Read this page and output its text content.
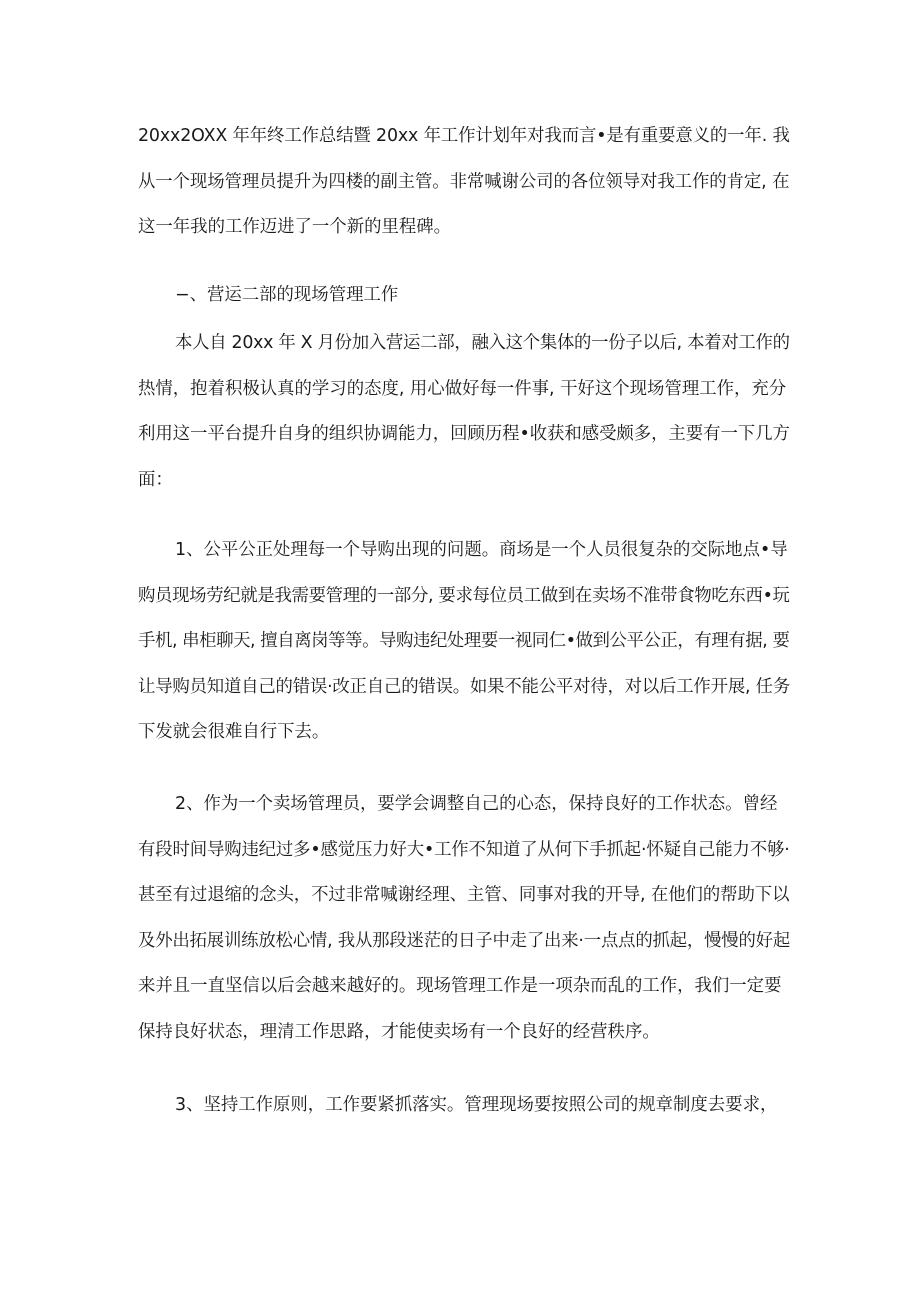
20xx2OXX 年年终工作总结暨 20xx 年工作计划年对我而言•是有重要意义的一年. 我
从一个现场管理员提升为四楼的副主管。非常喊谢公司的各位领导对我工作的肯定, 在
这一年我的工作迈进了一个新的里程碑。
−、营运二部的现场管理工作
本人自 20xx 年 X 月份加入营运二部，融入这个集体的一份子以后, 本着对工作的
热情，抱着积极认真的学习的态度, 用心做好每一件事, 干好这个现场管理工作，充分
利用这一平台提升自身的组织协调能力，回顾历程•收获和感受颇多，主要有一下几方
面：
1、公平公正处理每一个导购出现的问题。商场是一个人员很复杂的交际地点•导
购员现场劳纪就是我需要管理的一部分, 要求每位员工做到在卖场不准带食物吃东西•玩
手机, 串柜聊天, 擅自离岗等等。导购违纪处理要一视同仁•做到公平公正，有理有据, 要
让导购员知道自己的错误·改正自己的错误。如果不能公平对待，对以后工作开展, 任务
下发就会很难自行下去。
2、作为一个卖场管理员，要学会调整自己的心态，保持良好的工作状态。曾经
有段时间导购违纪过多•感觉压力好大•工作不知道了从何下手抓起·怀疑自己能力不够·
甚至有过退缩的念头，不过非常喊谢经理、主管、同事对我的开导, 在他们的帮助下以
及外出拓展训练放松心情, 我从那段迷茫的日子中走了出来·一点点的抓起，慢慢的好起
来并且一直坚信以后会越来越好的。现场管理工作是一项杂而乱的工作，我们一定要
保持良好状态，理清工作思路，才能使卖场有一个良好的经营秩序。
3、坚持工作原则，工作要紧抓落实。管理现场要按照公司的规章制度去要求，
